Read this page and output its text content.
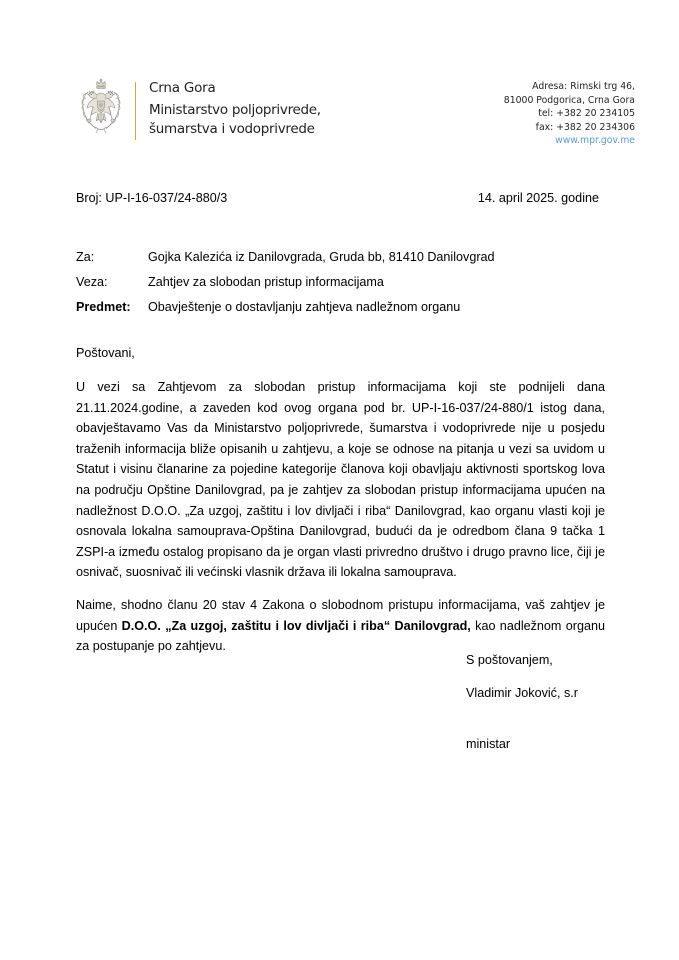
Crna Gora
Ministarstvo poljoprivrede,
šumarstva i vodoprivrede
Adresa: Rimski trg 46,
81000 Podgorica, Crna Gora
tel: +382 20 234105
fax: +382 20 234306
www.mpr.gov.me
Broj: UP-I-16-037/24-880/3	14. april 2025. godine
Za:	Gojka Kalezića iz Danilovgrada, Gruda bb, 81410 Danilovgrad
Veza:	Zahtjev za slobodan pristup informacijama
Predmet:	Obavještenje o dostavljanju zahtjeva nadležnom organu
Poštovani,

U vezi sa Zahtjevom za slobodan pristup informacijama koji ste podnijeli dana 21.11.2024.godine, a zaveden kod ovog organa pod br. UP-I-16-037/24-880/1 istog dana, obavještavamo Vas da Ministarstvo poljoprivrede, šumarstva i vodoprivrede nije u posjedu traženih informacija bliže opisanih u zahtjevu, a koje se odnose na pitanja u vezi sa uvidom u Statut i visinu članarine za pojedine kategorije članova koji obavljaju aktivnosti sportskog lova na području Opštine Danilovgrad, pa je zahtjev za slobodan pristup informacijama upućen na nadležnost D.O.O. „Za uzgoj, zaštitu i lov divljači i riba“ Danilovgrad, kao organu vlasti koji je osnovala lokalna samouprava-Opština Danilovgrad, budući da je odredbom člana 9 tačka 1 ZSPI-a između ostalog propisano da je organ vlasti privredno društvo i drugo pravno lice, čiji je osnivač, suosnivač ili većinski vlasnik država ili lokalna samouprava.

Naime, shodno članu 20 stav 4 Zakona o slobodnom pristupu informacijama, vaš zahtjev je upućen D.O.O. „Za uzgoj, zaštitu i lov divljači i riba“ Danilovgrad, kao nadležnom organu za postupanje po zahtjevu.

S poštovanjem,
Vladimir Joković, s.r
ministar
